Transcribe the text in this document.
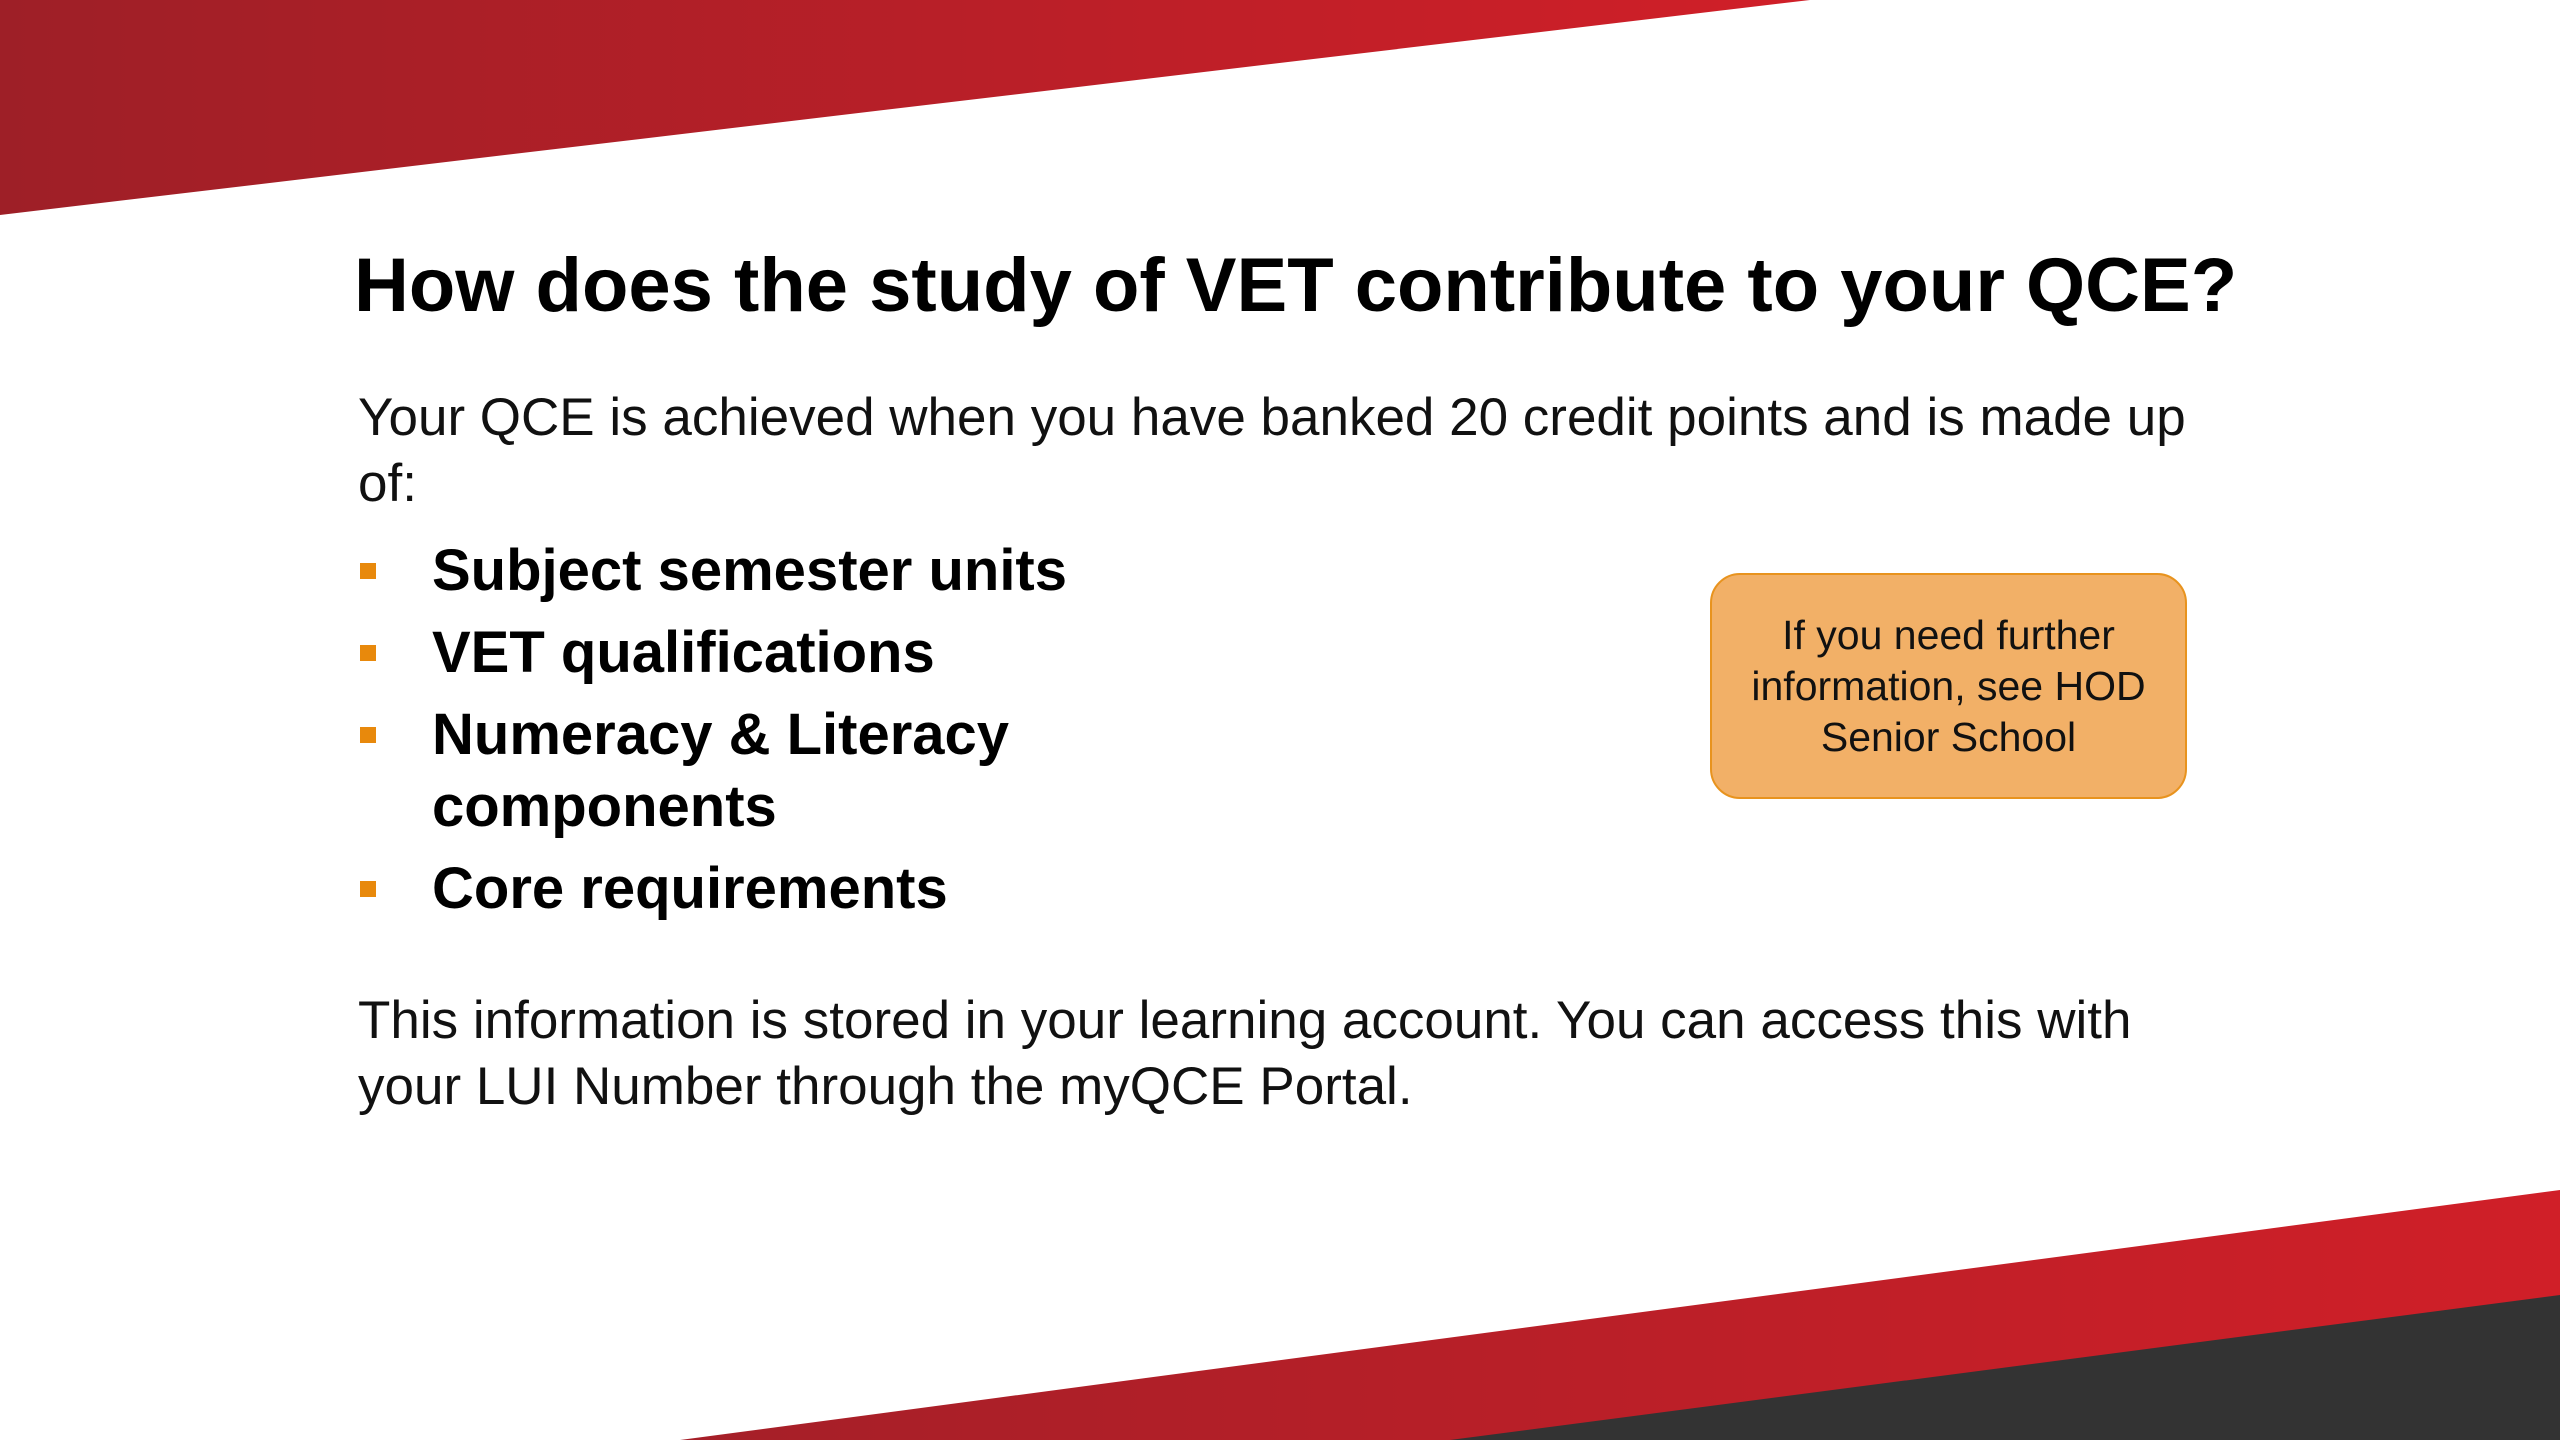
How does the study of VET contribute to your QCE?

Your QCE is achieved when you have banked 20 credit points and is made up of:

Subject semester units
VET qualifications
Numeracy & Literacy components
Core requirements
If you need further information, see HOD Senior School

This information is stored in your learning account. You can access this with your LUI Number through the myQCE Portal.
